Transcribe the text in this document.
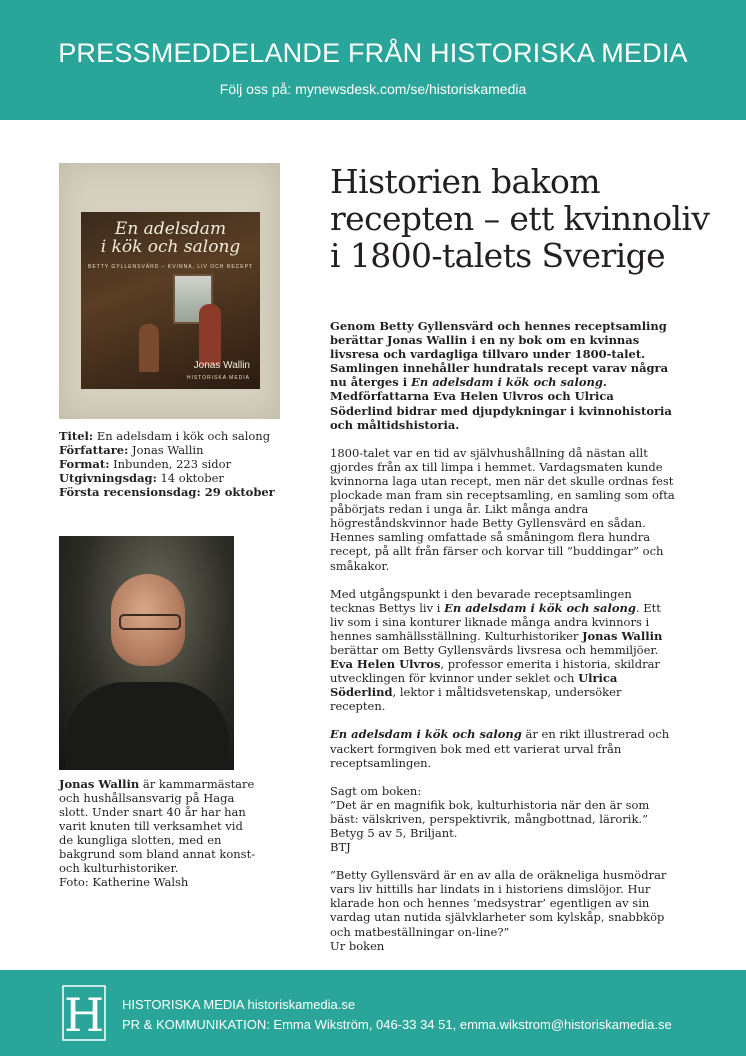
PRESSMEDDELANDE FRÅN HISTORISKA MEDIA
Följ oss på: mynewsdesk.com/se/historiskamedia
En adelsdam
i kök och salong
BETTY GYLLENSVÄRD – KVINNA, LIV OCH RECEPT
Jonas Wallin
HISTORISKA MEDIA
Titel: En adelsdam i kök och salong
Författare: Jonas Wallin
Format: Inbunden, 223 sidor
Utgivningsdag: 14 oktober
Första recensionsdag: 29 oktober
Jonas Wallin är kammarmästare och hushållsansvarig på Haga slott. Under snart 40 år har han varit knuten till verksamhet vid de kungliga slotten, med en bakgrund som bland annat konst- och kulturhistoriker.
Foto: Katherine Walsh
Historien bakom
recepten – ett kvinnoliv
i 1800-talets Sverige

Genom Betty Gyllensvärd och hennes receptsamling berättar Jonas Wallin i en ny bok om en kvinnas livsresa och vardagliga tillvaro under 1800-talet. Samlingen innehåller hundratals recept varav några nu återges i En adelsdam i kök och salong. Medförfattarna Eva Helen Ulvros och Ulrica Söderlind bidrar med djupdykningar i kvinnohistoria och måltidshistoria.

1800-talet var en tid av självhushållning då nästan allt gjordes från ax till limpa i hemmet. Vardagsmaten kunde kvinnorna laga utan recept, men när det skulle ordnas fest plockade man fram sin receptsamling, en samling som ofta påbörjats redan i unga år. Likt många andra högreståndskvinnor hade Betty Gyllensvärd en sådan. Hennes samling omfattade så småningom flera hundra recept, på allt från färser och korvar till ”buddingar” och småkakor.

Med utgångspunkt i den bevarade receptsamlingen tecknas Bettys liv i En adelsdam i kök och salong. Ett liv som i sina konturer liknade många andra kvinnors i hennes samhällsställning. Kulturhistoriker Jonas Wallin berättar om Betty Gyllensvärds livsresa och hemmiljöer. Eva Helen Ulvros, professor emerita i historia, skildrar utvecklingen för kvinnor under seklet och Ulrica Söderlind, lektor i måltidsvetenskap, undersöker recepten.

En adelsdam i kök och salong är en rikt illustrerad och vackert formgiven bok med ett varierat urval från receptsamlingen.

Sagt om boken:
”Det är en magnifik bok, kulturhistoria när den är som bäst: välskriven, perspektivrik, mångbottnad, lärorik.” Betyg 5 av 5, Briljant.
BTJ

”Betty Gyllensvärd är en av alla de oräkneliga husmödrar vars liv hittills har lindats in i historiens dimslöjor. Hur klarade hon och hennes ’medsystrar’ egentligen av sin vardag utan nutida självklarheter som kylskåp, snabbköp och matbeställningar on-line?”
Ur boken

H HISTORISKA MEDIA historiskamedia.se
PR & KOMMUNIKATION: Emma Wikström, 046-33 34 51, emma.wikstrom@historiskamedia.se
